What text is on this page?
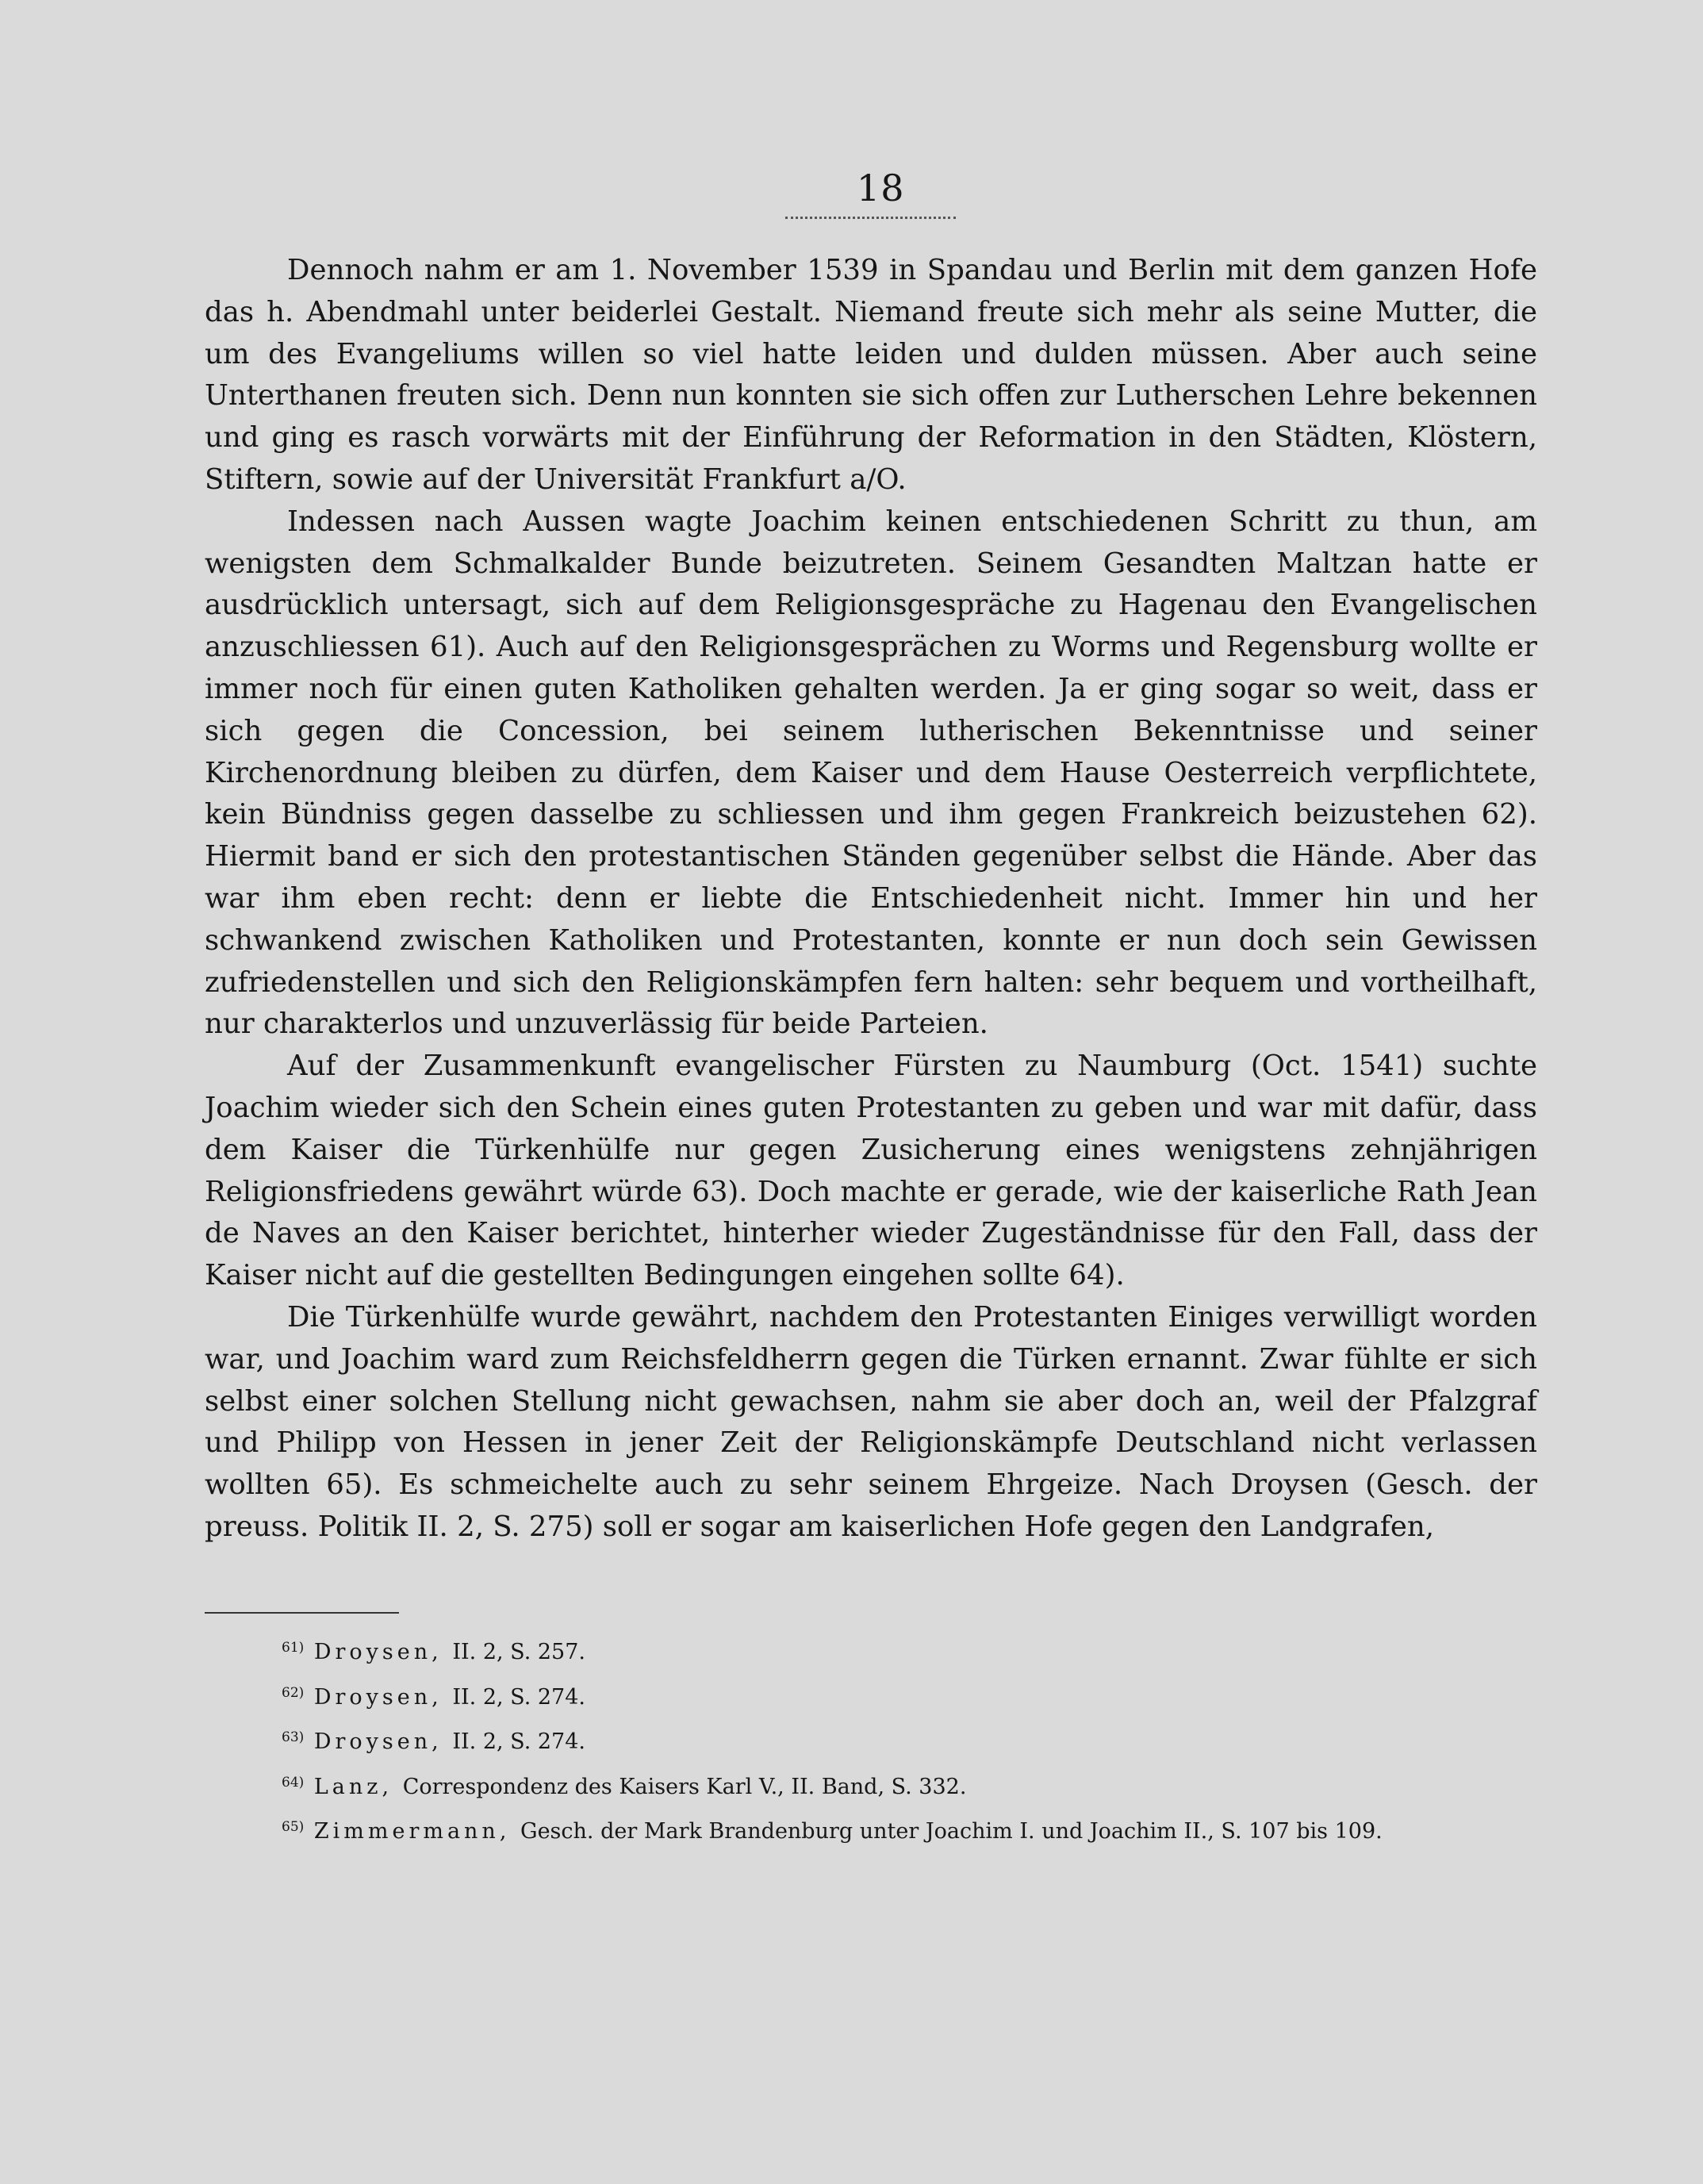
18

Dennoch nahm er am 1. November 1539 in Spandau und Berlin mit dem ganzen Hofe das h. Abendmahl unter beiderlei Gestalt. Niemand freute sich mehr als seine Mutter, die um des Evangeliums willen so viel hatte leiden und dulden müssen. Aber auch seine Unterthanen freuten sich. Denn nun konnten sie sich offen zur Lutherschen Lehre bekennen und ging es rasch vorwärts mit der Einführung der Reformation in den Städten, Klöstern, Stiftern, sowie auf der Universität Frankfurt a/O.

Indessen nach Aussen wagte Joachim keinen entschiedenen Schritt zu thun, am wenigsten dem Schmalkalder Bunde beizutreten. Seinem Gesandten Maltzan hatte er ausdrücklich untersagt, sich auf dem Religionsgespräche zu Hagenau den Evangelischen anzuschliessen 61). Auch auf den Religionsgesprächen zu Worms und Regensburg wollte er immer noch für einen guten Katholiken gehalten werden. Ja er ging sogar so weit, dass er sich gegen die Concession, bei seinem lutherischen Bekenntnisse und seiner Kirchenordnung bleiben zu dürfen, dem Kaiser und dem Hause Oesterreich verpflichtete, kein Bündniss gegen dasselbe zu schliessen und ihm gegen Frankreich beizustehen 62). Hiermit band er sich den protestantischen Ständen gegenüber selbst die Hände. Aber das war ihm eben recht: denn er liebte die Entschiedenheit nicht. Immer hin und her schwankend zwischen Katholiken und Protestanten, konnte er nun doch sein Gewissen zufriedenstellen und sich den Religionskämpfen fern halten: sehr bequem und vortheilhaft, nur charakterlos und unzuverlässig für beide Parteien.

Auf der Zusammenkunft evangelischer Fürsten zu Naumburg (Oct. 1541) suchte Joachim wieder sich den Schein eines guten Protestanten zu geben und war mit dafür, dass dem Kaiser die Türkenhülfe nur gegen Zusicherung eines wenigstens zehnjährigen Religionsfriedens gewährt würde 63). Doch machte er gerade, wie der kaiserliche Rath Jean de Naves an den Kaiser berichtet, hinterher wieder Zugeständnisse für den Fall, dass der Kaiser nicht auf die gestellten Bedingungen eingehen sollte 64).

Die Türkenhülfe wurde gewährt, nachdem den Protestanten Einiges verwilligt worden war, und Joachim ward zum Reichsfeldherrn gegen die Türken ernannt. Zwar fühlte er sich selbst einer solchen Stellung nicht gewachsen, nahm sie aber doch an, weil der Pfalzgraf und Philipp von Hessen in jener Zeit der Religionskämpfe Deutschland nicht verlassen wollten 65). Es schmeichelte auch zu sehr seinem Ehrgeize. Nach Droysen (Gesch. der preuss. Politik II. 2, S. 275) soll er sogar am kaiserlichen Hofe gegen den Landgrafen,

$^{61)}$ Droysen, II. 2, S. 257.
$^{62)}$ Droysen, II. 2, S. 274.
$^{63)}$ Droysen, II. 2, S. 274.
$^{64)}$ Lanz, Correspondenz des Kaisers Karl V., II. Band, S. 332.
$^{65)}$ Zimmermann, Gesch. der Mark Brandenburg unter Joachim I. und Joachim II., S. 107 bis 109.
